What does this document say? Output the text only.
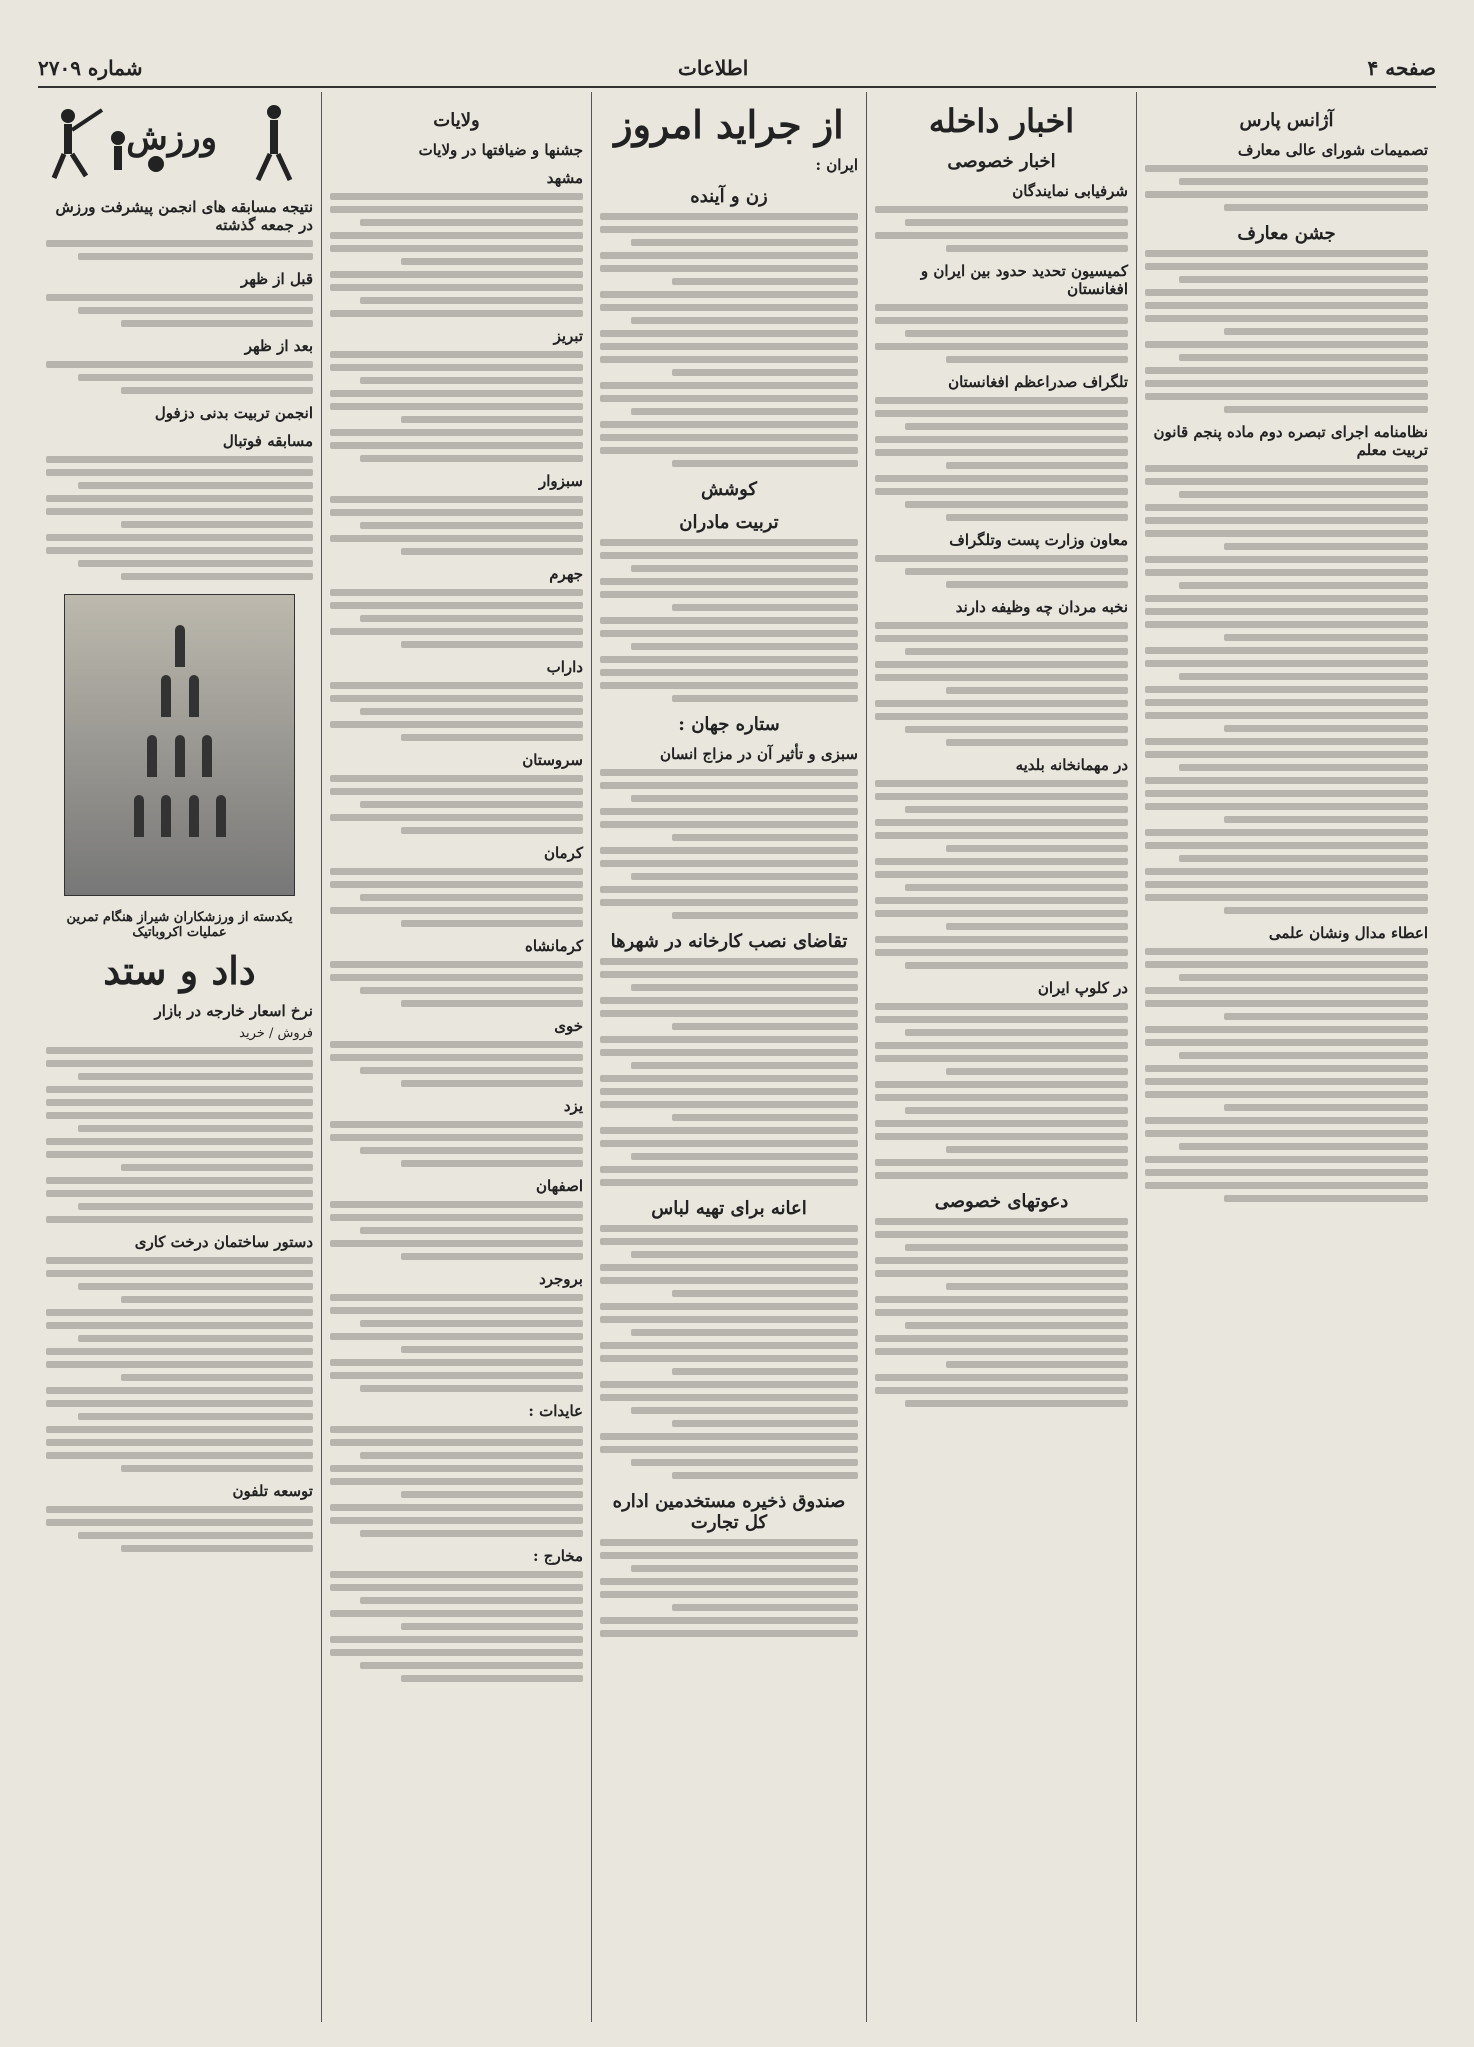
شماره ۲۷۰۹	اطلاعات	صفحه ۴
آژانس پارس
تصمیمات شورای عالی معارف
جشن معارف
نظامنامه اجرای تبصره دوم ماده پنجم قانون تربیت معلم
اعطاء مدال ونشان علمی
اخبار داخله
اخبار خصوصی
شرفیابی نمایندگان
کمیسیون تحدید حدود بین ایران و افغانستان
تلگراف صدراعظم افغانستان
معاون وزارت پست وتلگراف
نخبه مردان چه وظیفه دارند
در مهمانخانه بلدیه
در کلوپ ایران
دعوتهای خصوصی
از جراید امروز
ایران :
زن و آینده
کوشش
تربیت مادران
ستاره جهان :
سبزی و تأثیر آن در مزاج انسان
تقاضای نصب کارخانه در شهرها
اعانه برای تهیه لباس
صندوق ذخیره مستخدمین اداره کل تجارت
ولایات
جشنها و ضیافتها در ولایات
مشهد
تبریز
سبزوار
جهرم
داراب
سروستان
کرمان
کرمانشاه
خوی
یزد
اصفهان
بروجرد
عایدات :
مخارج :
ورزش
نتیجه مسابقه های انجمن پیشرفت ورزش در جمعه گذشته
قبل از ظهر
بعد از ظهر
انجمن تربیت بدنی دزفول
مسابقه فوتبال
یکدسته از ورزشکاران شیراز هنگام تمرین عملیات اکروباتیک
داد و ستد
نرخ اسعار خارجه در بازار
فروش / خرید
دستور ساختمان درخت کاری
توسعه تلفون
